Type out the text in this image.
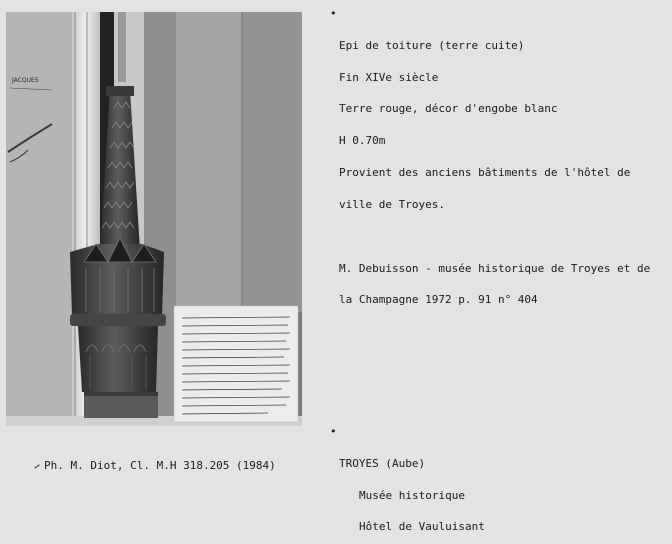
JACQUES

•

Epi de toiture (terre cuite)

Fin XIVe siècle

Terre rouge, décor d'engobe blanc

H 0.70m

Provient des anciens bâtiments de l'hôtel de

ville de Troyes.

M. Debuisson - musée historique de Troyes et de

la Champagne 1972 p. 91 n° 404

•

TROYES (Aube)

Musée historique

Hôtel de Vauluisant

Ph. M. Diot, Cl. M.H 318.205 (1984)
